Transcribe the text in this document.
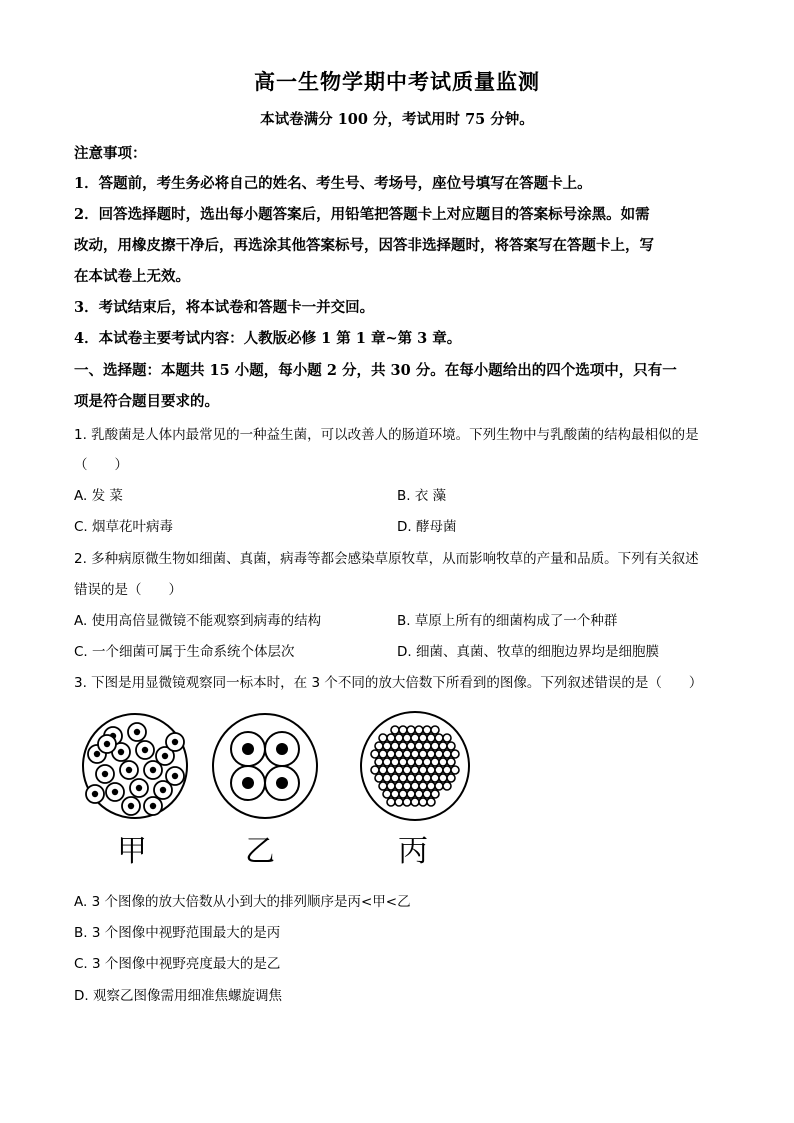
高一生物学期中考试质量监测
本试卷满分 100 分，考试用时 75 分钟。
注意事项：
1．答题前，考生务必将自己的姓名、考生号、考场号，座位号填写在答题卡上。
2．回答选择题时，选出每小题答案后，用铅笔把答题卡上对应题目的答案标号涂黑。如需
改动，用橡皮擦干净后，再选涂其他答案标号，因答非选择题时，将答案写在答题卡上，写
在本试卷上无效。
3．考试结束后，将本试卷和答题卡一并交回。
4．本试卷主要考试内容：人教版必修 1 第 1 章~第 3 章。
一、选择题：本题共 15 小题，每小题 2 分，共 30 分。在每小题给出的四个选项中，只有一
项是符合题目要求的。
1. 乳酸菌是人体内最常见的一种益生菌，可以改善人的肠道环境。下列生物中与乳酸菌的结构最相似的是
（　　）
A. 发 菜	B. 衣 藻
C. 烟草花叶病毒	D. 酵母菌
2. 多种病原微生物如细菌、真菌，病毒等都会感染草原牧草，从而影响牧草的产量和品质。下列有关叙述
错误的是（　　）
A. 使用高倍显微镜不能观察到病毒的结构	B. 草原上所有的细菌构成了一个种群
C. 一个细菌可属于生命系统个体层次	D. 细菌、真菌、牧草的细胞边界均是细胞膜
3. 下图是用显微镜观察同一标本时，在 3 个不同的放大倍数下所看到的图像。下列叙述错误的是（　　）
甲	乙	丙
A. 3 个图像的放大倍数从小到大的排列顺序是丙<甲<乙
B. 3 个图像中视野范围最大的是丙
C. 3 个图像中视野亮度最大的是乙
D. 观察乙图像需用细准焦螺旋调焦
